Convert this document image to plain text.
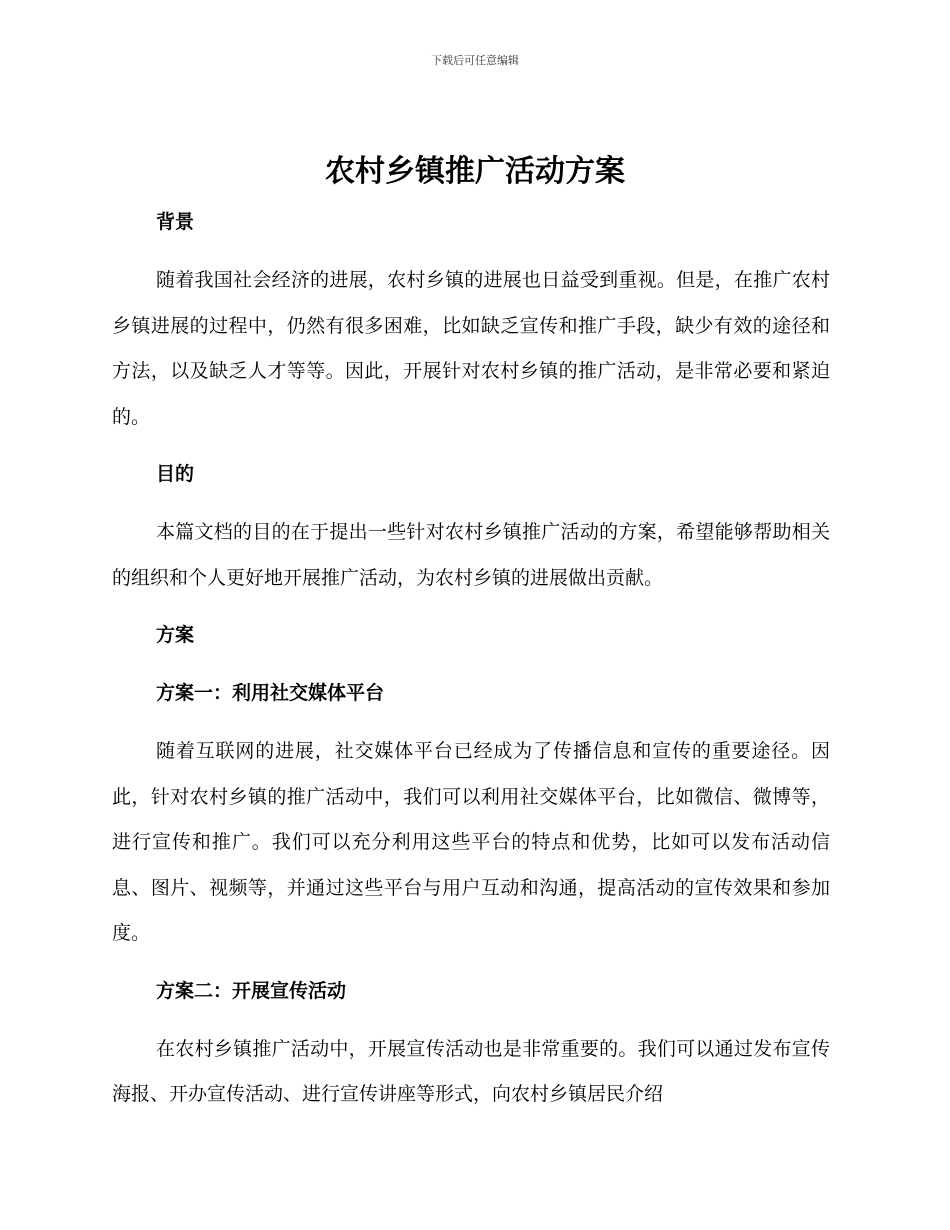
下载后可任意编辑
农村乡镇推广活动方案
背景

随着我国社会经济的进展，农村乡镇的进展也日益受到重视。但是，在推广农村乡镇进展的过程中，仍然有很多困难，比如缺乏宣传和推广手段，缺少有效的途径和方法，以及缺乏人才等等。因此，开展针对农村乡镇的推广活动，是非常必要和紧迫的。

目的

本篇文档的目的在于提出一些针对农村乡镇推广活动的方案，希望能够帮助相关的组织和个人更好地开展推广活动，为农村乡镇的进展做出贡献。

方案
方案一：利用社交媒体平台

随着互联网的进展，社交媒体平台已经成为了传播信息和宣传的重要途径。因此，针对农村乡镇的推广活动中，我们可以利用社交媒体平台，比如微信、微博等，进行宣传和推广。我们可以充分利用这些平台的特点和优势，比如可以发布活动信息、图片、视频等，并通过这些平台与用户互动和沟通，提高活动的宣传效果和参加度。

方案二：开展宣传活动

在农村乡镇推广活动中，开展宣传活动也是非常重要的。我们可以通过发布宣传海报、开办宣传活动、进行宣传讲座等形式，向农村乡镇居民介绍
